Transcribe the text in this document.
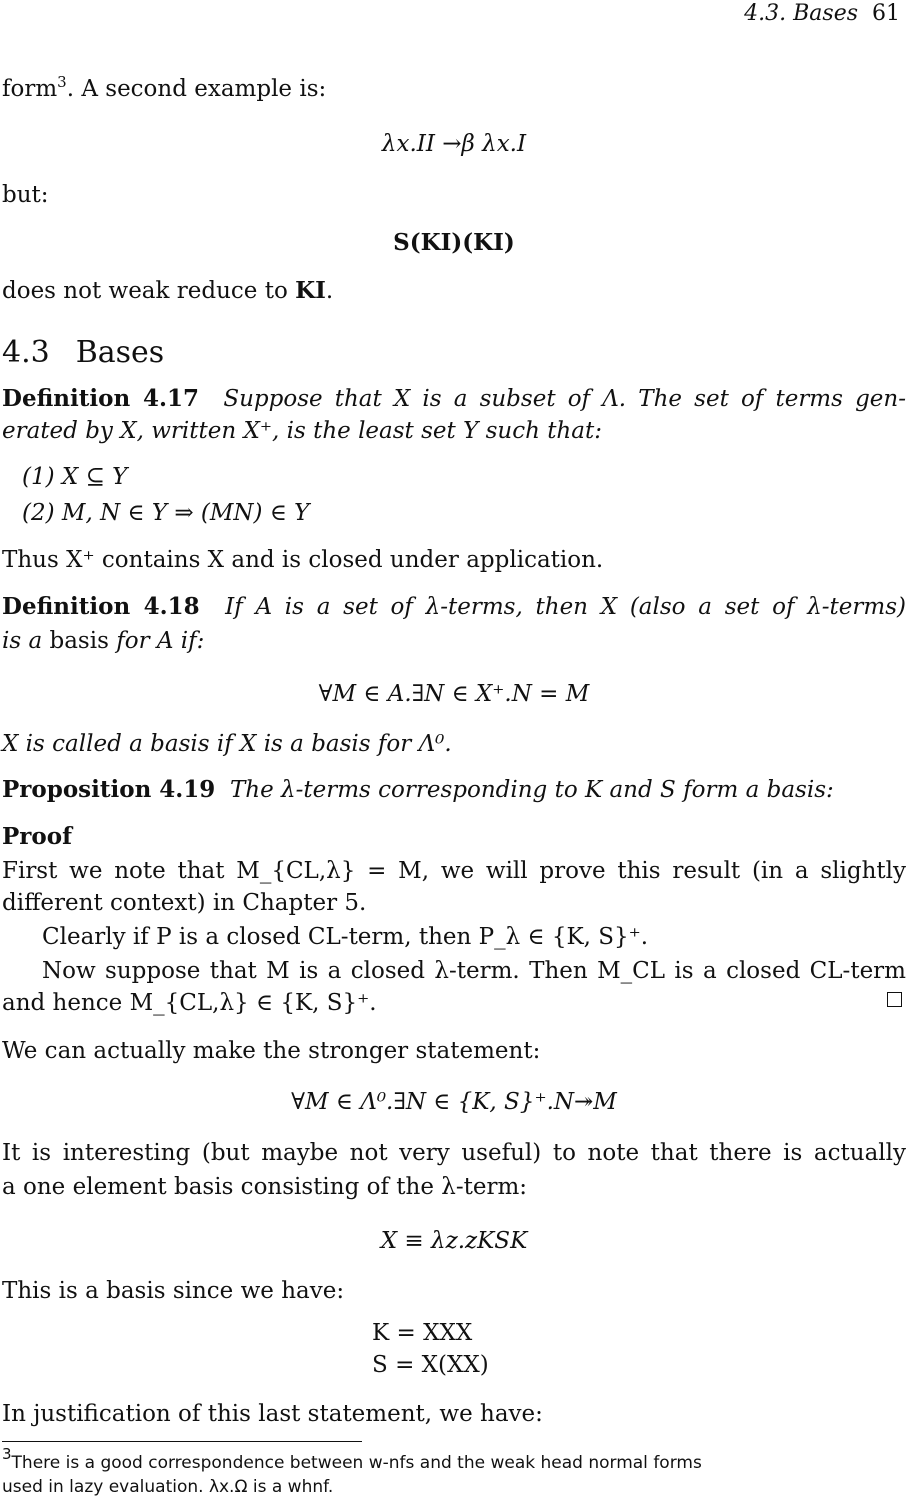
4.3. Bases 61
form$^3$. A second example is:
λx.II →β λx.I
but:
S(KI)(KI)
does not weak reduce to KI.
4.3 Bases
Definition 4.17 Suppose that X is a subset of Λ. The set of terms gen-
erated by X, written X⁺, is the least set Y such that:
(1) X ⊆ Y
(2) M, N ∈ Y ⇒ (MN) ∈ Y
Thus X⁺ contains X and is closed under application.
Definition 4.18 If A is a set of λ-terms, then X (also a set of λ-terms)
is a basis for A if:
∀M ∈ A.∃N ∈ X⁺.N = M
X is called a basis if X is a basis for Λ⁰.
Proposition 4.19 The λ-terms corresponding to K and S form a basis:
Proof
First we note that M_{CL,λ} = M, we will prove this result (in a slightly
different context) in Chapter 5.
Clearly if P is a closed CL-term, then P_λ ∈ {K, S}⁺.
Now suppose that M is a closed λ-term. Then M_CL is a closed CL-term
and hence M_{CL,λ} ∈ {K, S}⁺.
We can actually make the stronger statement:
∀M ∈ Λ⁰.∃N ∈ {K, S}⁺.N↠M
It is interesting (but maybe not very useful) to note that there is actually
a one element basis consisting of the λ-term:
X ≡ λz.zKSK
This is a basis since we have:
K = XXX
S = X(XX)
In justification of this last statement, we have:
$^3$There is a good correspondence between w-nfs and the weak head normal forms
used in lazy evaluation. λx.Ω is a whnf.
